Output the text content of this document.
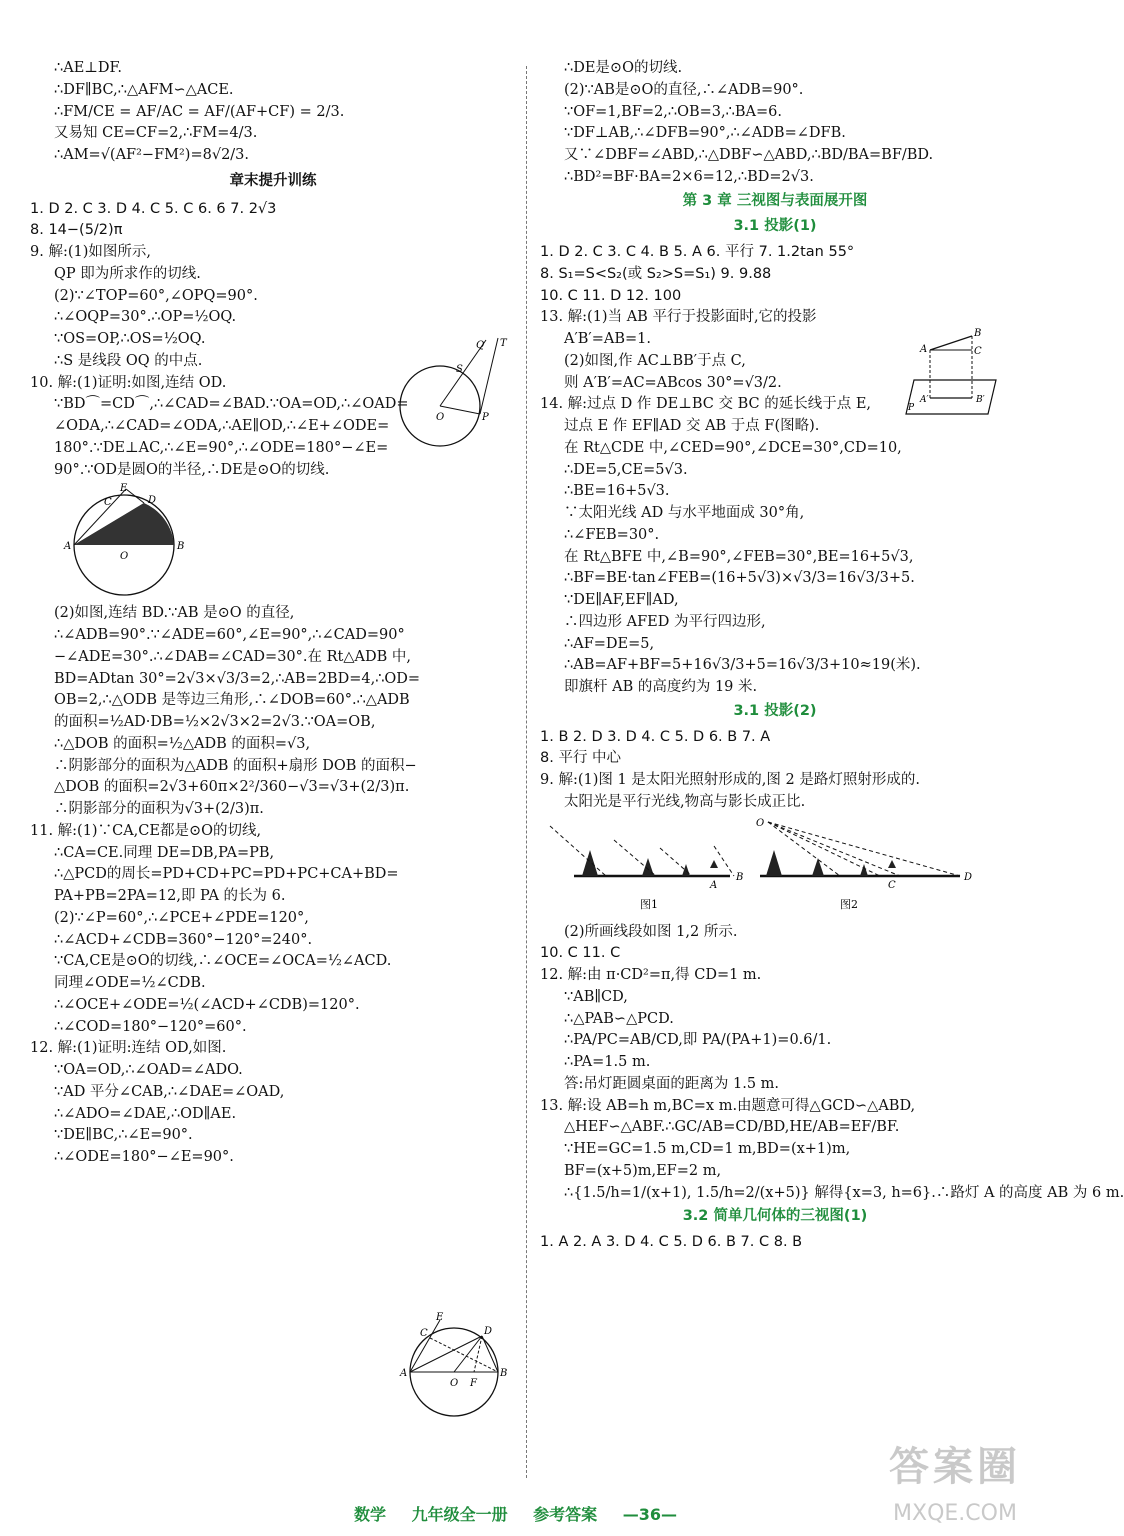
∴AE⊥DF.

∴DF∥BC,∴△AFM∽△ACE.

∴FM/CE = AF/AC = AF/(AF+CF) = 2/3.

又易知 CE=CF=2,∴FM=4/3.

∴AM=√(AF²−FM²)=8√2/3.

章末提升训练

1. D 2. C 3. D 4. C 5. C 6. 6 7. 2√3

8. 14−(5/2)π

9. 解:(1)如图所示,

QP 即为所求作的切线.

(2)∵∠TOP=60°,∠OPQ=90°.

∴∠OQP=30°.∴OP=½OQ.

∵OS=OP,∴OS=½OQ.

∴S 是线段 OQ 的中点.

10. 解:(1)证明:如图,连结 OD.

∵BD⌒=CD⌒,∴∠CAD=∠BAD.∵OA=OD,∴∠OAD=

∠ODA,∴∠CAD=∠ODA,∴AE∥OD,∴∠E+∠ODE=

180°.∵DE⊥AC,∴∠E=90°,∴∠ODE=180°−∠E=

90°.∵OD是圆O的半径,∴DE是⊙O的切线.

E
C	D
A	B
O

(2)如图,连结 BD.∵AB 是⊙O 的直径,

∴∠ADB=90°.∵∠ADE=60°,∠E=90°,∴∠CAD=90°

−∠ADE=30°.∴∠DAB=∠CAD=30°.在 Rt△ADB 中,

BD=ADtan 30°=2√3×√3/3=2,∴AB=2BD=4,∴OD=

OB=2,∴△ODB 是等边三角形,∴∠DOB=60°.∴△ADB

的面积=½AD·DB=½×2√3×2=2√3.∵OA=OB,

∴△DOB 的面积=½△ADB 的面积=√3,

∴阴影部分的面积为△ADB 的面积+扇形 DOB 的面积−

△DOB 的面积=2√3+60π×2²/360−√3=√3+(2/3)π.

∴阴影部分的面积为√3+(2/3)π.

11. 解:(1)∵CA,CE都是⊙O的切线,

∴CA=CE.同理 DE=DB,PA=PB,

∴△PCD的周长=PD+CD+PC=PD+PC+CA+BD=

PA+PB=2PA=12,即 PA 的长为 6.

(2)∵∠P=60°,∴∠PCE+∠PDE=120°,

∴∠ACD+∠CDB=360°−120°=240°.

∵CA,CE是⊙O的切线,∴∠OCE=∠OCA=½∠ACD.

同理∠ODE=½∠CDB.

∴∠OCE+∠ODE=½(∠ACD+∠CDB)=120°.

∴∠COD=180°−120°=60°.

12. 解:(1)证明:连结 OD,如图.

∵OA=OD,∴∠OAD=∠ADO.

∵AD 平分∠CAB,∴∠DAE=∠OAD,

∴∠ADO=∠DAE,∴OD∥AE.

∵DE∥BC,∴∠E=90°.

∴∠ODE=180°−∠E=90°.

O	P
Q T
S
E
C	D
A	B
O F

∴DE是⊙O的切线.

(2)∵AB是⊙O的直径,∴∠ADB=90°.

∵OF=1,BF=2,∴OB=3,∴BA=6.

∵DF⊥AB,∴∠DFB=90°,∴∠ADB=∠DFB.

又∵∠DBF=∠ABD,∴△DBF∽△ABD,∴BD/BA=BF/BD.

∴BD²=BF·BA=2×6=12,∴BD=2√3.

第 3 章 三视图与表面展开图
3.1 投影(1)

1. D 2. C 3. C 4. B 5. A 6. 平行 7. 1.2tan 55°

8. S₁=S<S₂(或 S₂>S=S₁) 9. 9.88

10. C 11. D 12. 100

13. 解:(1)当 AB 平行于投影面时,它的投影

A′B′=AB=1.

(2)如图,作 AC⊥BB′于点 C,

则 A′B′=AC=ABcos 30°=√3/2.

14. 解:过点 D 作 DE⊥BC 交 BC 的延长线于点 E,

过点 E 作 EF∥AD 交 AB 于点 F(图略).

在 Rt△CDE 中,∠CED=90°,∠DCE=30°,CD=10,

∴DE=5,CE=5√3.

∴BE=16+5√3.

∵太阳光线 AD 与水平地面成 30°角,

∴∠FEB=30°.

在 Rt△BFE 中,∠B=90°,∠FEB=30°,BE=16+5√3,

∴BF=BE·tan∠FEB=(16+5√3)×√3/3=16√3/3+5.

∵DE∥AF,EF∥AD,

∴四边形 AFED 为平行四边形,

∴AF=DE=5,

∴AB=AF+BF=5+16√3/3+5=16√3/3+10≈19(米).

即旗杆 AB 的高度约为 19 米.

3.1 投影(2)

1. B 2. D 3. D 4. C 5. D 6. B 7. A

8. 平行 中心

9. 解:(1)图 1 是太阳光照射形成的,图 2 是路灯照射形成的.

太阳光是平行光线,物高与影长成正比.

B
A
图1
O
C
D
图2

(2)所画线段如图 1,2 所示.

10. C 11. C

12. 解:由 π·CD²=π,得 CD=1 m.

∵AB∥CD,

∴△PAB∽△PCD.

∴PA/PC=AB/CD,即 PA/(PA+1)=0.6/1.

∴PA=1.5 m.

答:吊灯距圆桌面的距离为 1.5 m.

13. 解:设 AB=h m,BC=x m.由题意可得△GCD∽△ABD,

△HEF∽△ABF.∴GC/AB=CD/BD,HE/AB=EF/BF.

∵HE=GC=1.5 m,CD=1 m,BD=(x+1)m,

BF=(x+5)m,EF=2 m,

∴{1.5/h=1/(x+1), 1.5/h=2/(x+5)} 解得{x=3, h=6}.∴路灯 A 的高度 AB 为 6 m.

3.2 简单几何体的三视图(1)

1. A 2. A 3. D 4. C 5. D 6. B 7. C 8. B

A
B
C
A′	B′
P
数学 九年级全一册 参考答案 —36—
答案圈
MXQE.COM
